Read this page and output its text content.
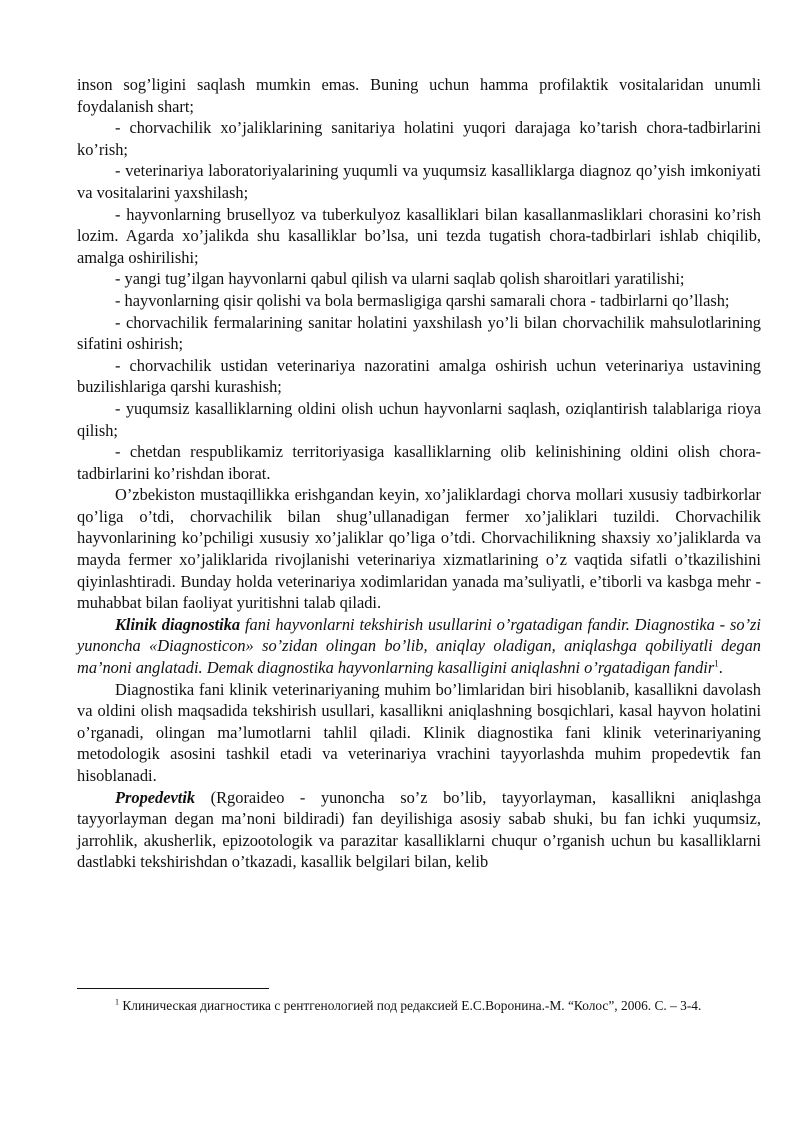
inson sog’ligini saqlash mumkin emas. Buning uchun hamma profilaktik vositalaridan unumli foydalanish shart;

- chorvachilik xo’jaliklarining sanitariya holatini yuqori darajaga ko’tarish chora-tadbirlarini ko’rish;

- veterinariya laboratoriyalarining yuqumli va yuqumsiz kasalliklarga diagnoz qo’yish imkoniyati va vositalarini yaxshilash;

- hayvonlarning brusellyoz va tuberkulyoz kasalliklari bilan kasallanmasliklari chorasini ko’rish lozim. Agarda xo’jalikda shu kasalliklar bo’lsa, uni tezda tugatish chora-tadbirlari ishlab chiqilib, amalga oshirilishi;

- yangi tug’ilgan hayvonlarni qabul qilish va ularni saqlab qolish sharoitlari yaratilishi;

- hayvonlarning qisir qolishi va bola bermasligiga qarshi samarali chora - tadbirlarni qo’llash;

- chorvachilik fermalarining sanitar holatini yaxshilash yo’li bilan chorvachilik mahsulotlarining sifatini oshirish;

- chorvachilik ustidan veterinariya nazoratini amalga oshirish uchun veterinariya ustavining buzilishlariga qarshi kurashish;

- yuqumsiz kasalliklarning oldini olish uchun hayvonlarni saqlash, oziqlantirish talablariga rioya qilish;

- chetdan respublikamiz territoriyasiga kasalliklarning olib kelinishining oldini olish chora-tadbirlarini ko’rishdan iborat.

O’zbekiston mustaqillikka erishgandan keyin, xo’jaliklardagi chorva mollari xususiy tadbirkorlar qo’liga o’tdi, chorvachilik bilan shug’ullanadigan fermer xo’jaliklari tuzildi. Chorvachilik hayvonlarining ko’pchiligi xususiy xo’jaliklar qo’liga o’tdi. Chorvachilikning shaxsiy xo’jaliklarda va mayda fermer xo’jaliklarida rivojlanishi veterinariya xizmatlarining o’z vaqtida sifatli o’tkazilishini qiyinlashtiradi. Bunday holda veterinariya xodimlaridan yanada ma’suliyatli, e’tiborli va kasbga mehr - muhabbat bilan faoliyat yuritishni talab qiladi.

Klinik diagnostika fani hayvonlarni tekshirish usullarini o’rgatadigan fandir. Diagnostika - so’zi yunoncha «Diagnosticon» so’zidan olingan bo’lib, aniqlay oladigan, aniqlashga qobiliyatli degan ma’noni anglatadi. Demak diagnostika hayvonlarning kasalligini aniqlashni o’rgatadigan fandir$^1$.

Diagnostika fani klinik veterinariyaning muhim bo’limlaridan biri hisoblanib, kasallikni davolash va oldini olish maqsadida tekshirish usullari, kasallikni aniqlashning bosqichlari, kasal hayvon holatini o’rganadi, olingan ma’lumotlarni tahlil qiladi. Klinik diagnostika fani klinik veterinariyaning metodologik asosini tashkil etadi va veterinariya vrachini tayyorlashda muhim propedevtik fan hisoblanadi.

Propedevtik (Rgoraideo - yunoncha so’z bo’lib, tayyorlayman, kasallikni aniqlashga tayyorlayman degan ma’noni bildiradi) fan deyilishiga asosiy sabab shuki, bu fan ichki yuqumsiz, jarrohlik, akusherlik, epizootologik va parazitar kasalliklarni chuqur o’rganish uchun bu kasalliklarni dastlabki tekshirishdan o’tkazadi, kasallik belgilari bilan, kelib

$^1$ Клиническая диагностика с рентгенологией под редаксией Е.С.Воронина.-М. “Колос”, 2006. С. – 3-4.
